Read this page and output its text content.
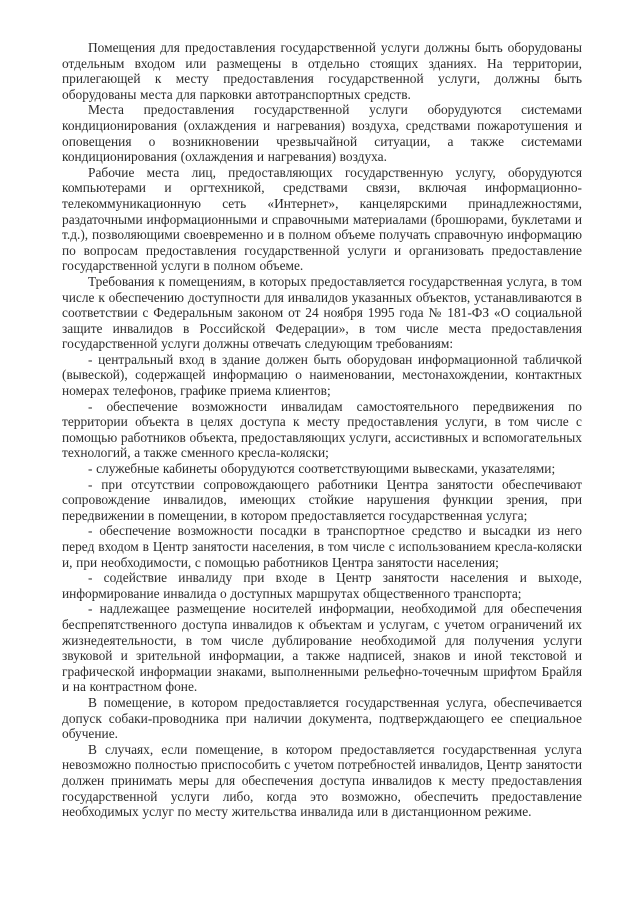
Помещения для предоставления государственной услуги должны быть оборудованы отдельным входом или размещены в отдельно стоящих зданиях. На территории, прилегающей к месту предоставления государственной услуги, должны быть оборудованы места для парковки автотранспортных средств.

Места предоставления государственной услуги оборудуются системами кондиционирования (охлаждения и нагревания) воздуха, средствами пожаротушения и оповещения о возникновении чрезвычайной ситуации, а также системами кондиционирования (охлаждения и нагревания) воздуха.

Рабочие места лиц, предоставляющих государственную услугу, оборудуются компьютерами и оргтехникой, средствами связи, включая информационно-телекоммуникационную сеть «Интернет», канцелярскими принадлежностями, раздаточными информационными и справочными материалами (брошюрами, буклетами и т.д.), позволяющими своевременно и в полном объеме получать справочную информацию по вопросам предоставления государственной услуги и организовать предоставление государственной услуги в полном объеме.

Требования к помещениям, в которых предоставляется государственная услуга, в том числе к обеспечению доступности для инвалидов указанных объектов, устанавливаются в соответствии с Федеральным законом от 24 ноября 1995 года № 181-ФЗ «О социальной защите инвалидов в Российской Федерации», в том числе места предоставления государственной услуги должны отвечать следующим требованиям:

- центральный вход в здание должен быть оборудован информационной табличкой (вывеской), содержащей информацию о наименовании, местонахождении, контактных номерах телефонов, графике приема клиентов;

- обеспечение возможности инвалидам самостоятельного передвижения по территории объекта в целях доступа к месту предоставления услуги, в том числе с помощью работников объекта, предоставляющих услуги, ассистивных и вспомогательных технологий, а также сменного кресла-коляски;

- служебные кабинеты оборудуются соответствующими вывесками, указателями;

- при отсутствии сопровождающего работники Центра занятости обеспечивают сопровождение инвалидов, имеющих стойкие нарушения функции зрения, при передвижении в помещении, в котором предоставляется государственная услуга;

- обеспечение возможности посадки в транспортное средство и высадки из него перед входом в Центр занятости населения, в том числе с использованием кресла-коляски и, при необходимости, с помощью работников Центра занятости населения;

- содействие инвалиду при входе в Центр занятости населения и выходе, информирование инвалида о доступных маршрутах общественного транспорта;

- надлежащее размещение носителей информации, необходимой для обеспечения беспрепятственного доступа инвалидов к объектам и услугам, с учетом ограничений их жизнедеятельности, в том числе дублирование необходимой для получения услуги звуковой и зрительной информации, а также надписей, знаков и иной текстовой и графической информации знаками, выполненными рельефно-точечным шрифтом Брайля и на контрастном фоне.

В помещение, в котором предоставляется государственная услуга, обеспечивается допуск собаки-проводника при наличии документа, подтверждающего ее специальное обучение.

В случаях, если помещение, в котором предоставляется государственная услуга невозможно полностью приспособить с учетом потребностей инвалидов, Центр занятости должен принимать меры для обеспечения доступа инвалидов к месту предоставления государственной услуги либо, когда это возможно, обеспечить предоставление необходимых услуг по месту жительства инвалида или в дистанционном режиме.
